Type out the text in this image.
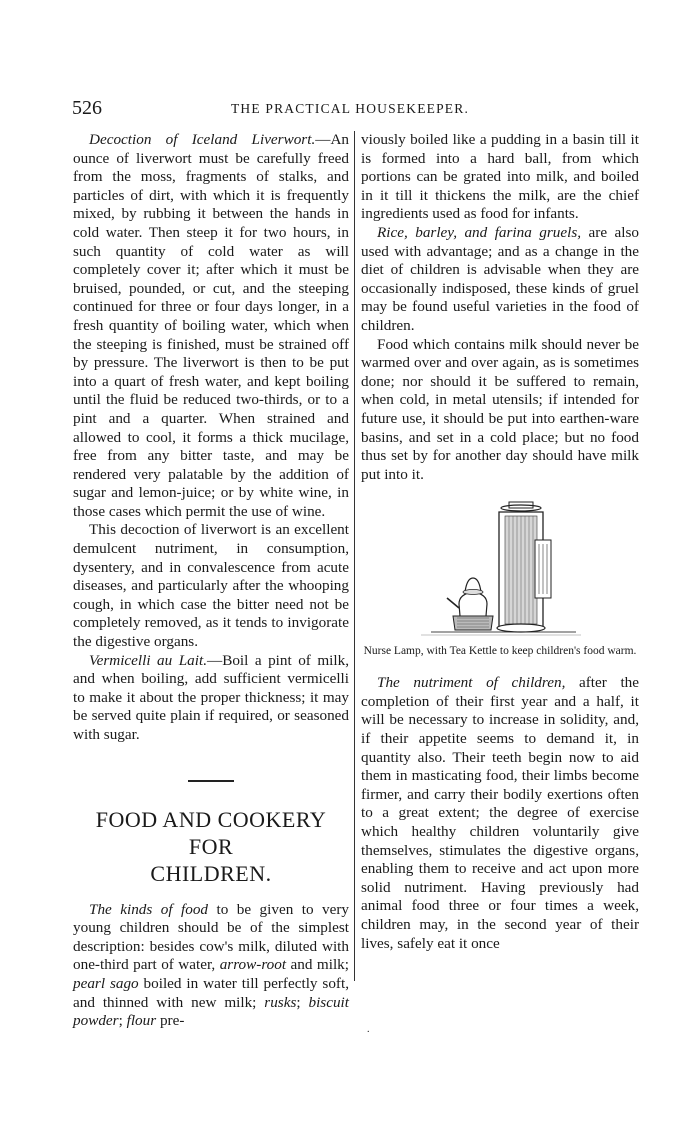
526	THE PRACTICAL HOUSEKEEPER.

Decoction of Iceland Liverwort.—An ounce of liverwort must be carefully freed from the moss, fragments of stalks, and particles of dirt, with which it is frequently mixed, by rubbing it between the hands in cold water. Then steep it for two hours, in such quantity of cold water as will completely cover it; after which it must be bruised, pounded, or cut, and the steeping continued for three or four days longer, in a fresh quantity of boiling water, which when the steeping is finished, must be strained off by pressure. The liverwort is then to be put into a quart of fresh water, and kept boiling until the fluid be reduced two-thirds, or to a pint and a quarter. When strained and allowed to cool, it forms a thick mucilage, free from any bitter taste, and may be rendered very palatable by the addition of sugar and lemon-juice; or by white wine, in those cases which permit the use of wine.

This decoction of liverwort is an excellent demulcent nutriment, in consumption, dysentery, and in convalescence from acute diseases, and particularly after the whooping cough, in which case the bitter need not be completely removed, as it tends to invigorate the digestive organs.

Vermicelli au Lait.—Boil a pint of milk, and when boiling, add sufficient vermicelli to make it about the proper thickness; it may be served quite plain if required, or seasoned with sugar.

FOOD AND COOKERY FOR
CHILDREN.

The kinds of food to be given to very young children should be of the simplest description: besides cow's milk, diluted with one-third part of water, arrow-root and milk; pearl sago boiled in water till perfectly soft, and thinned with new milk; rusks; biscuit powder; flour pre-

viously boiled like a pudding in a basin till it is formed into a hard ball, from which portions can be grated into milk, and boiled in it till it thickens the milk, are the chief ingredients used as food for infants.

Rice, barley, and farina gruels, are also used with advantage; and as a change in the diet of children is advisable when they are occasionally indisposed, these kinds of gruel may be found useful varieties in the food of children.

Food which contains milk should never be warmed over and over again, as is sometimes done; nor should it be suffered to remain, when cold, in metal utensils; if intended for future use, it should be put into earthen-ware basins, and set in a cold place; but no food thus set by for another day should have milk put into it.

Nurse Lamp, with Tea Kettle to keep children's food warm.

The nutriment of children, after the completion of their first year and a half, it will be necessary to increase in solidity, and, if their appetite seems to demand it, in quantity also. Their teeth begin now to aid them in masticating food, their limbs become firmer, and carry their bodily exertions often to a great extent; the degree of exercise which healthy children voluntarily give themselves, stimulates the digestive organs, enabling them to receive and act upon more solid nutriment. Having previously had animal food three or four times a week, children may, in the second year of their lives, safely eat it once

.
